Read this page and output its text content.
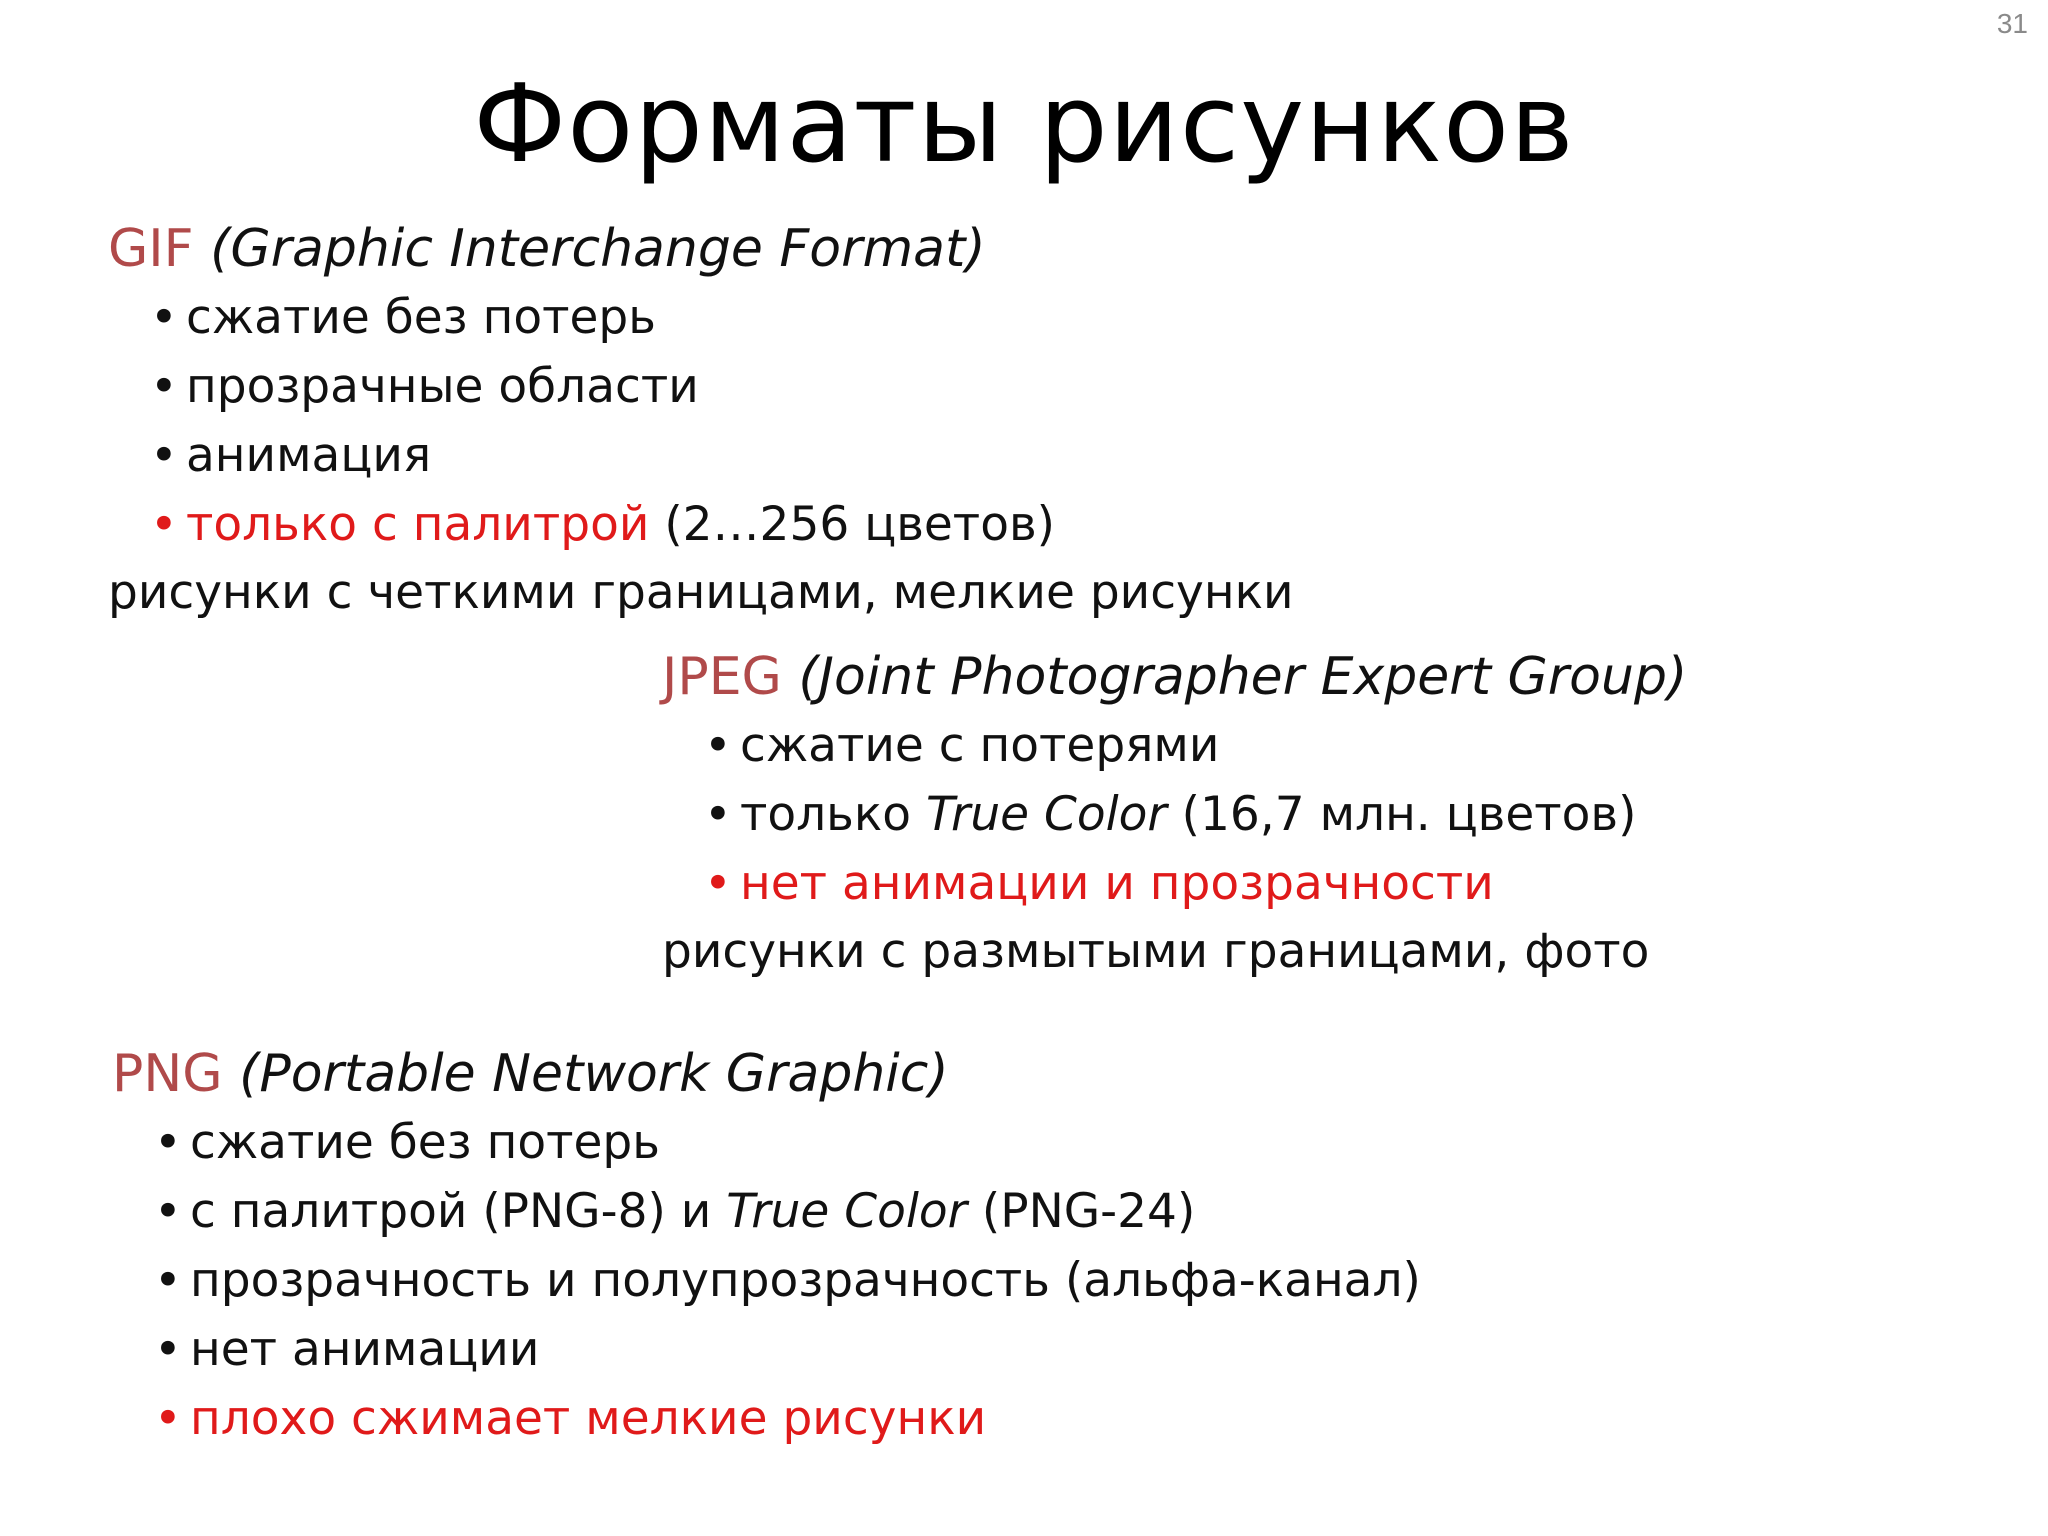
31
Форматы рисунков
GIF (Graphic Interchange Format)
• сжатие без потерь
• прозрачные области
• анимация
• только с палитрой (2…256 цветов)
рисунки с четкими границами, мелкие рисунки
JPEG (Joint Photographer Expert Group)
• сжатие с потерями
• только True Color (16,7 млн. цветов)
• нет анимации и прозрачности
рисунки с размытыми границами, фото
PNG (Portable Network Graphic)
• сжатие без потерь
• с палитрой (PNG-8) и True Color (PNG-24)
• прозрачность и полупрозрачность (альфа-канал)
• нет анимации
• плохо сжимает мелкие рисунки
